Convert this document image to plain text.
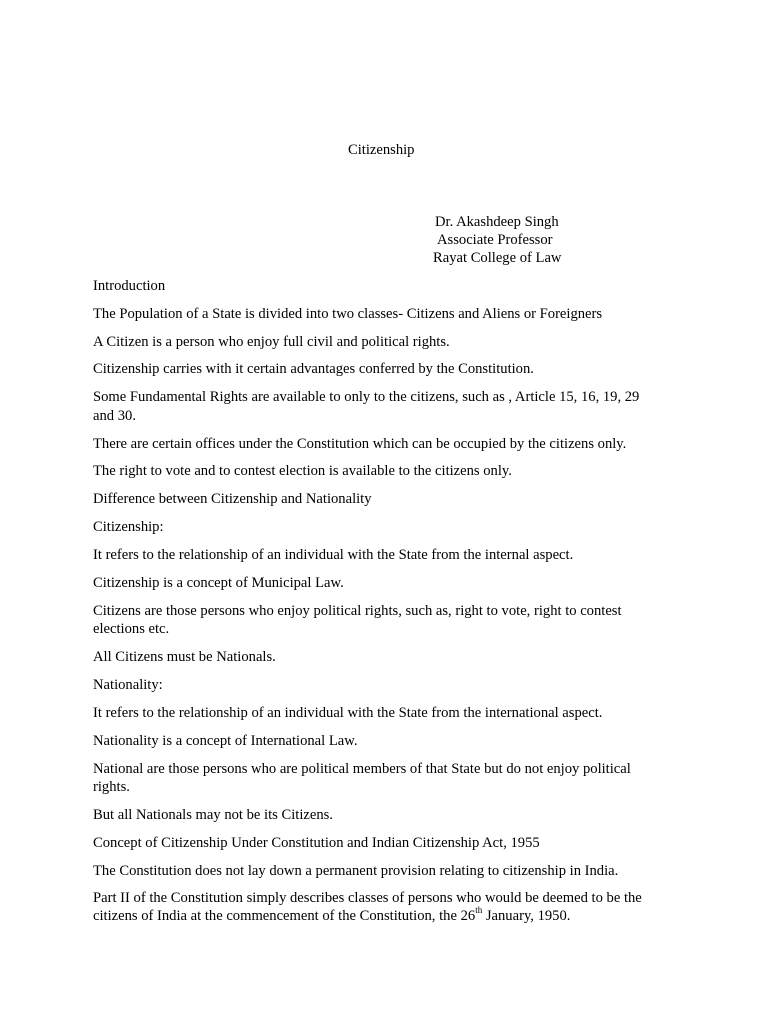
Citizenship
Dr. Akashdeep Singh
Associate Professor
Rayat College of Law
Introduction
The Population of a State is divided into two classes- Citizens and Aliens or Foreigners
A Citizen is a person who enjoy full civil and political rights.
Citizenship carries with it certain advantages conferred by the Constitution.
Some Fundamental Rights are available to only to the citizens, such as , Article 15, 16, 19, 29
and 30.
There are certain offices under the Constitution which can be occupied by the citizens only.
The right to vote and to contest election is available to the citizens only.
Difference between Citizenship and Nationality
Citizenship:
It refers to the relationship of an individual with the State from the internal aspect.
Citizenship is a concept of Municipal Law.
Citizens are those persons who enjoy political rights, such as, right to vote, right to contest
elections etc.
All Citizens must be Nationals.
Nationality:
It refers to the relationship of an individual with the State from the international aspect.
Nationality is a concept of International Law.
National are those persons who are political members of that State but do not enjoy political
rights.
But all Nationals may not be its Citizens.
Concept of Citizenship Under Constitution and Indian Citizenship Act, 1955
The Constitution does not lay down a permanent provision relating to citizenship in India.
Part II of the Constitution simply describes classes of persons who would be deemed to be the
citizens of India at the commencement of the Constitution, the 26th January, 1950.
